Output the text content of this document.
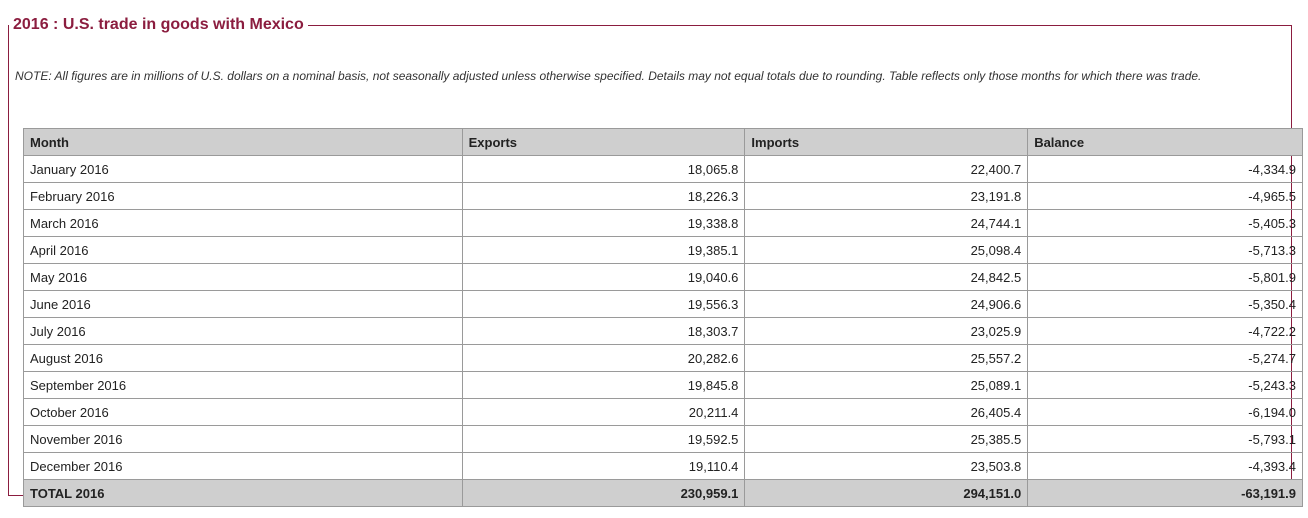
2016 : U.S. trade in goods with Mexico
NOTE: All figures are in millions of U.S. dollars on a nominal basis, not seasonally adjusted unless otherwise specified. Details may not equal totals due to rounding. Table reflects only those months for which there was trade.
Month	Exports	Imports	Balance
January 2016	18,065.8	22,400.7	-4,334.9
February 2016	18,226.3	23,191.8	-4,965.5
March 2016	19,338.8	24,744.1	-5,405.3
April 2016	19,385.1	25,098.4	-5,713.3
May 2016	19,040.6	24,842.5	-5,801.9
June 2016	19,556.3	24,906.6	-5,350.4
July 2016	18,303.7	23,025.9	-4,722.2
August 2016	20,282.6	25,557.2	-5,274.7
September 2016	19,845.8	25,089.1	-5,243.3
October 2016	20,211.4	26,405.4	-6,194.0
November 2016	19,592.5	25,385.5	-5,793.1
December 2016	19,110.4	23,503.8	-4,393.4
TOTAL 2016	230,959.1	294,151.0	-63,191.9
